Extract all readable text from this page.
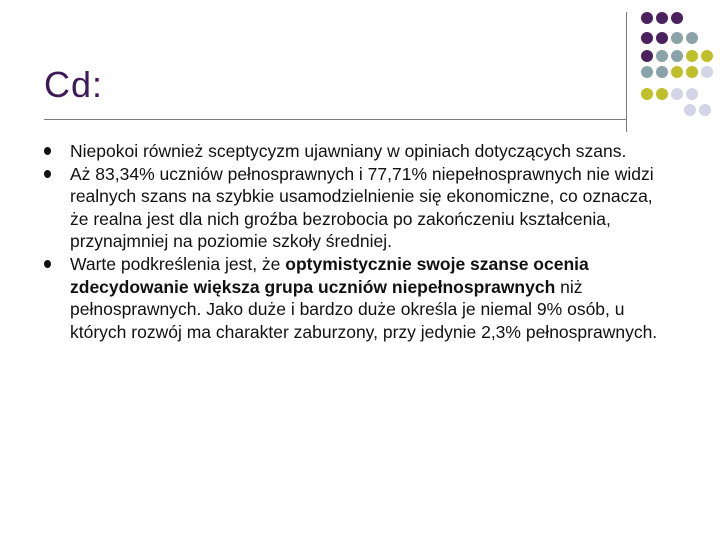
Cd:
Niepokoi również sceptycyzm ujawniany w opiniach dotyczących szans.
Aż 83,34% uczniów pełnosprawnych i 77,71% niepełnosprawnych nie widzi realnych szans na szybkie usamodzielnienie się ekonomiczne, co oznacza, że realna jest dla nich groźba bezrobocia po zakończeniu kształcenia, przynajmniej na poziomie szkoły średniej.
Warte podkreślenia jest, że optymistycznie swoje szanse ocenia zdecydowanie większa grupa uczniów niepełnosprawnych niż pełnosprawnych. Jako duże i bardzo duże określa je niemal 9% osób, u których rozwój ma charakter zaburzony, przy jedynie 2,3% pełnosprawnych.
